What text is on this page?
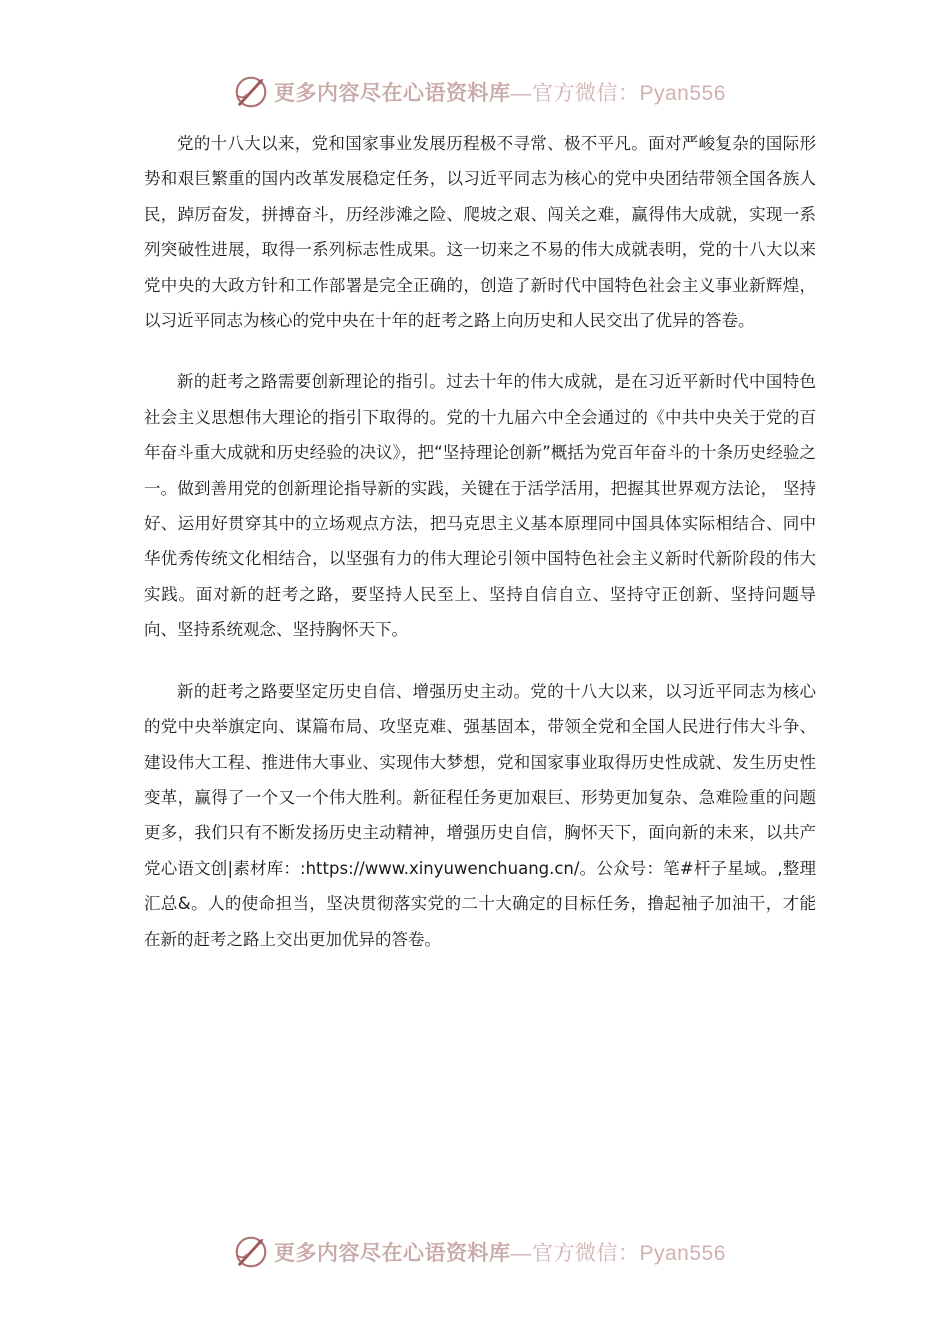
更多内容尽在心语资料库—官方微信：Pyan556

党的十八大以来，党和国家事业发展历程极不寻常、极不平凡。面对严峻复杂的国际形势和艰巨繁重的国内改革发展稳定任务，以习近平同志为核心的党中央团结带领全国各族人民，踔厉奋发，拼搏奋斗，历经涉滩之险、爬坡之艰、闯关之难，赢得伟大成就，实现一系列突破性进展，取得一系列标志性成果。这一切来之不易的伟大成就表明，党的十八大以来党中央的大政方针和工作部署是完全正确的，创造了新时代中国特色社会主义事业新辉煌， 以习近平同志为核心的党中央在十年的赶考之路上向历史和人民交出了优异的答卷。

新的赶考之路需要创新理论的指引。过去十年的伟大成就，是在习近平新时代中国特色社会主义思想伟大理论的指引下取得的。党的十九届六中全会通过的《中共中央关于党的百年奋斗重大成就和历史经验的决议》，把“坚持理论创新”概括为党百年奋斗的十条历史经验之一。做到善用党的创新理论指导新的实践，关键在于活学活用，把握其世界观方法论， 坚持好、运用好贯穿其中的立场观点方法，把马克思主义基本原理同中国具体实际相结合、同中华优秀传统文化相结合，以坚强有力的伟大理论引领中国特色社会主义新时代新阶段的伟大实践。面对新的赶考之路，要坚持人民至上、坚持自信自立、坚持守正创新、坚持问题导向、坚持系统观念、坚持胸怀天下。

新的赶考之路要坚定历史自信、增强历史主动。党的十八大以来，以习近平同志为核心的党中央举旗定向、谋篇布局、攻坚克难、强基固本，带领全党和全国人民进行伟大斗争、建设伟大工程、推进伟大事业、实现伟大梦想，党和国家事业取得历史性成就、发生历史性变革，赢得了一个又一个伟大胜利。新征程任务更加艰巨、形势更加复杂、急难险重的问题更多，我们只有不断发扬历史主动精神，增强历史自信，胸怀天下，面向新的未来，以共产党心语文创|素材库：:https://www.xinyuwenchuang.cn/。公众号：笔#杆子星域。,整理汇总&。人的使命担当，坚决贯彻落实党的二十大确定的目标任务，撸起袖子加油干，才能在新的赶考之路上交出更加优异的答卷。

更多内容尽在心语资料库—官方微信：Pyan556
